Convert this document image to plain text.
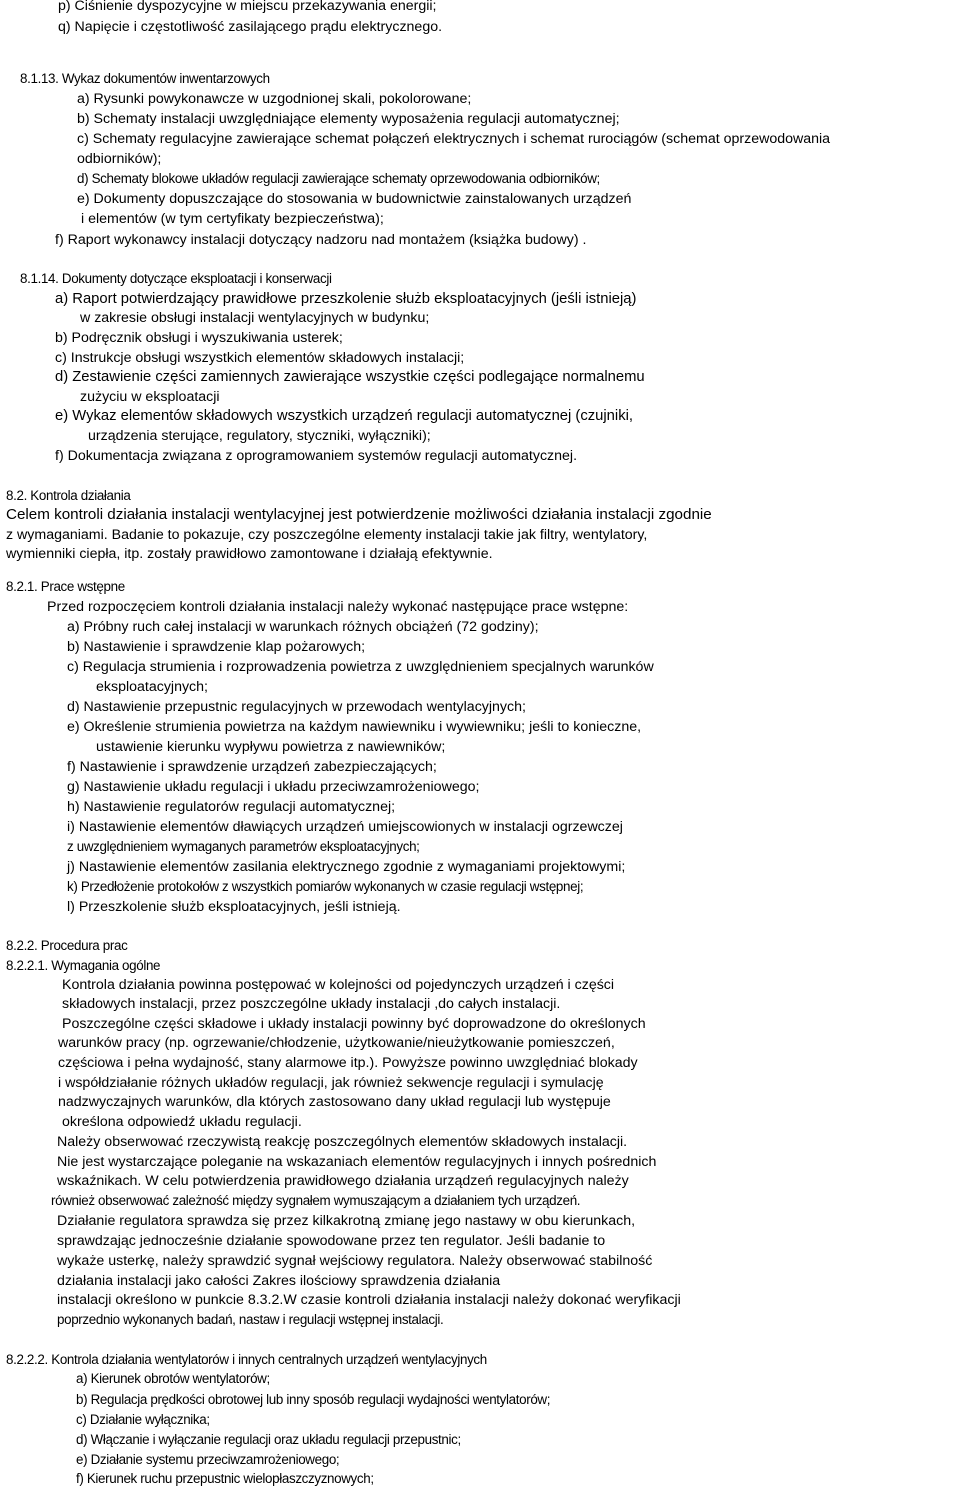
p) Ciśnienie dyspozycyjne w miejscu przekazywania energii;
q) Napięcie i częstotliwość zasilającego prądu elektrycznego.
8.1.13. Wykaz dokumentów inwentarzowych
a) Rysunki powykonawcze w uzgodnionej skali, pokolorowane;
b) Schematy instalacji uwzględniające elementy wyposażenia regulacji automatycznej;
c) Schematy regulacyjne zawierające schemat połączeń elektrycznych i schemat rurociągów (schemat oprzewodowania
odbiorników);
d) Schematy blokowe układów regulacji zawierające schematy oprzewodowania odbiorników;
e) Dokumenty dopuszczające do stosowania w budownictwie zainstalowanych urządzeń
i elementów (w tym certyfikaty bezpieczeństwa);
f) Raport wykonawcy instalacji dotyczący nadzoru nad montażem (książka budowy) .
8.1.14. Dokumenty dotyczące eksploatacji i konserwacji
a) Raport potwierdzający prawidłowe przeszkolenie służb eksploatacyjnych (jeśli istnieją)
w zakresie obsługi instalacji wentylacyjnych w budynku;
b) Podręcznik obsługi i wyszukiwania usterek;
c) Instrukcje obsługi wszystkich elementów składowych instalacji;
d) Zestawienie części zamiennych zawierające wszystkie części podlegające normalnemu
zużyciu w eksploatacji
e) Wykaz elementów składowych wszystkich urządzeń regulacji automatycznej (czujniki,
urządzenia sterujące, regulatory, styczniki, wyłączniki);
f) Dokumentacja związana z oprogramowaniem systemów regulacji automatycznej.
8.2. Kontrola działania
Celem kontroli działania instalacji wentylacyjnej jest potwierdzenie możliwości działania instalacji zgodnie
z wymaganiami. Badanie to pokazuje, czy poszczególne elementy instalacji takie jak filtry, wentylatory,
wymienniki ciepła, itp. zostały prawidłowo zamontowane i działają efektywnie.
8.2.1. Prace wstępne
Przed rozpoczęciem kontroli działania instalacji należy wykonać następujące prace wstępne:
a) Próbny ruch całej instalacji w warunkach różnych obciążeń (72 godziny);
b) Nastawienie i sprawdzenie klap pożarowych;
c) Regulacja strumienia i rozprowadzenia powietrza z uwzględnieniem specjalnych warunków
eksploatacyjnych;
d) Nastawienie przepustnic regulacyjnych w przewodach wentylacyjnych;
e) Określenie strumienia powietrza na każdym nawiewniku i wywiewniku; jeśli to konieczne,
ustawienie kierunku wypływu powietrza z nawiewników;
f) Nastawienie i sprawdzenie urządzeń zabezpieczających;
g) Nastawienie układu regulacji i układu przeciwzamrożeniowego;
h) Nastawienie regulatorów regulacji automatycznej;
i) Nastawienie elementów dławiących urządzeń umiejscowionych w instalacji ogrzewczej
z uwzględnieniem wymaganych parametrów eksploatacyjnych;
j) Nastawienie elementów zasilania elektrycznego zgodnie z wymaganiami projektowymi;
k) Przedłożenie protokołów z wszystkich pomiarów wykonanych w czasie regulacji wstępnej;
l) Przeszkolenie służb eksploatacyjnych, jeśli istnieją.
8.2.2. Procedura prac
8.2.2.1. Wymagania ogólne
Kontrola działania powinna postępować w kolejności od pojedynczych urządzeń i części
składowych instalacji, przez poszczególne układy instalacji ,do całych instalacji.
Poszczególne części składowe i układy instalacji powinny być doprowadzone do określonych
warunków pracy (np. ogrzewanie/chłodzenie, użytkowanie/nieużytkowanie pomieszczeń,
częściowa i pełna wydajność, stany alarmowe itp.). Powyższe powinno uwzględniać blokady
i współdziałanie różnych układów regulacji, jak również sekwencje regulacji i symulację
nadzwyczajnych warunków, dla których zastosowano dany układ regulacji lub występuje
określona odpowiedź układu regulacji.
Należy obserwować rzeczywistą reakcję poszczególnych elementów składowych instalacji.
Nie jest wystarczające poleganie na wskazaniach elementów regulacyjnych i innych pośrednich
wskaźnikach. W celu potwierdzenia prawidłowego działania urządzeń regulacyjnych należy
również obserwować zależność między sygnałem wymuszającym a działaniem tych urządzeń.
Działanie regulatora sprawdza się przez kilkakrotną zmianę jego nastawy w obu kierunkach,
sprawdzając jednocześnie działanie spowodowane przez ten regulator. Jeśli badanie to
wykaże usterkę, należy sprawdzić sygnał wejściowy regulatora. Należy obserwować stabilność
działania instalacji jako całości Zakres ilościowy sprawdzenia działania
instalacji określono w punkcie 8.3.2.W czasie kontroli działania instalacji należy dokonać weryfikacji
poprzednio wykonanych badań, nastaw i regulacji wstępnej instalacji.
8.2.2.2. Kontrola działania wentylatorów i innych centralnych urządzeń wentylacyjnych
a) Kierunek obrotów wentylatorów;
b) Regulacja prędkości obrotowej lub inny sposób regulacji wydajności wentylatorów;
c) Działanie wyłącznika;
d) Włączanie i wyłączanie regulacji oraz układu regulacji przepustnic;
e) Działanie systemu przeciwzamrożeniowego;
f) Kierunek ruchu przepustnic wielopłaszczyznowych;
